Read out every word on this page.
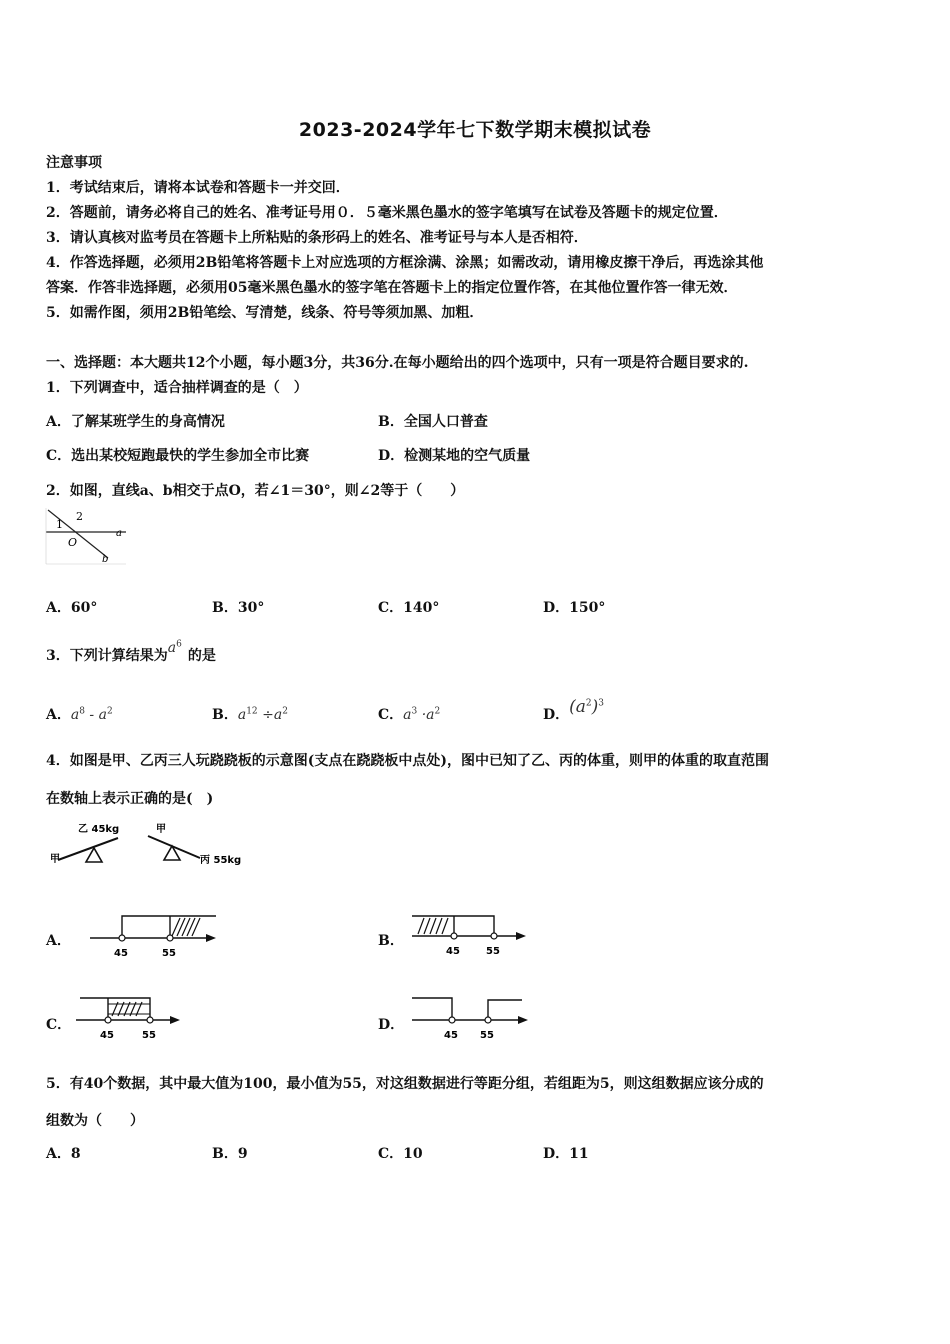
2023-2024学年七下数学期末模拟试卷
注意事项
1．考试结束后，请将本试卷和答题卡一并交回．
2．答题前，请务必将自己的姓名、准考证号用０．５毫米黑色墨水的签字笔填写在试卷及答题卡的规定位置．
3．请认真核对监考员在答题卡上所粘贴的条形码上的姓名、准考证号与本人是否相符．
4．作答选择题，必须用2B铅笔将答题卡上对应选项的方框涂满、涂黑；如需改动，请用橡皮擦干净后，再选涂其他
答案．作答非选择题，必须用05毫米黑色墨水的签字笔在答题卡上的指定位置作答，在其他位置作答一律无效．
5．如需作图，须用2B铅笔绘、写清楚，线条、符号等须加黑、加粗．
一、选择题：本大题共12个小题，每小题3分，共36分.在每小题给出的四个选项中，只有一项是符合题目要求的.
1．下列调查中，适合抽样调查的是（　）
A．了解某班学生的身高情况	B．全国人口普查
C．选出某校短跑最快的学生参加全市比赛	D．检测某地的空气质量
2．如图，直线a、b相交于点O，若∠1＝30°，则∠2等于（　　）
1
2
O
a
b
A．60°	B．30°	C．140°	D．150°
3．下列计算结果为$a^6$的是
A．$a^8 - a^2$	B．$a^{12} \div a^2$	C．$a^3 \cdot a^2$	D．$(a^2)^3$
4．如图是甲、乙丙三人玩跷跷板的示意图(支点在跷跷板中点处)，图中已知了乙、丙的体重，则甲的体重的取直范围
在数轴上表示正确的是(　)
乙 45kg
甲
甲
丙 55kg
A．
45	55
B．
45	55
C．
45	55
D．
45 55
5．有40个数据，其中最大值为100，最小值为55，对这组数据进行等距分组，若组距为5，则这组数据应该分成的
组数为（　　）
A．8	B．9	C．10	D．11
